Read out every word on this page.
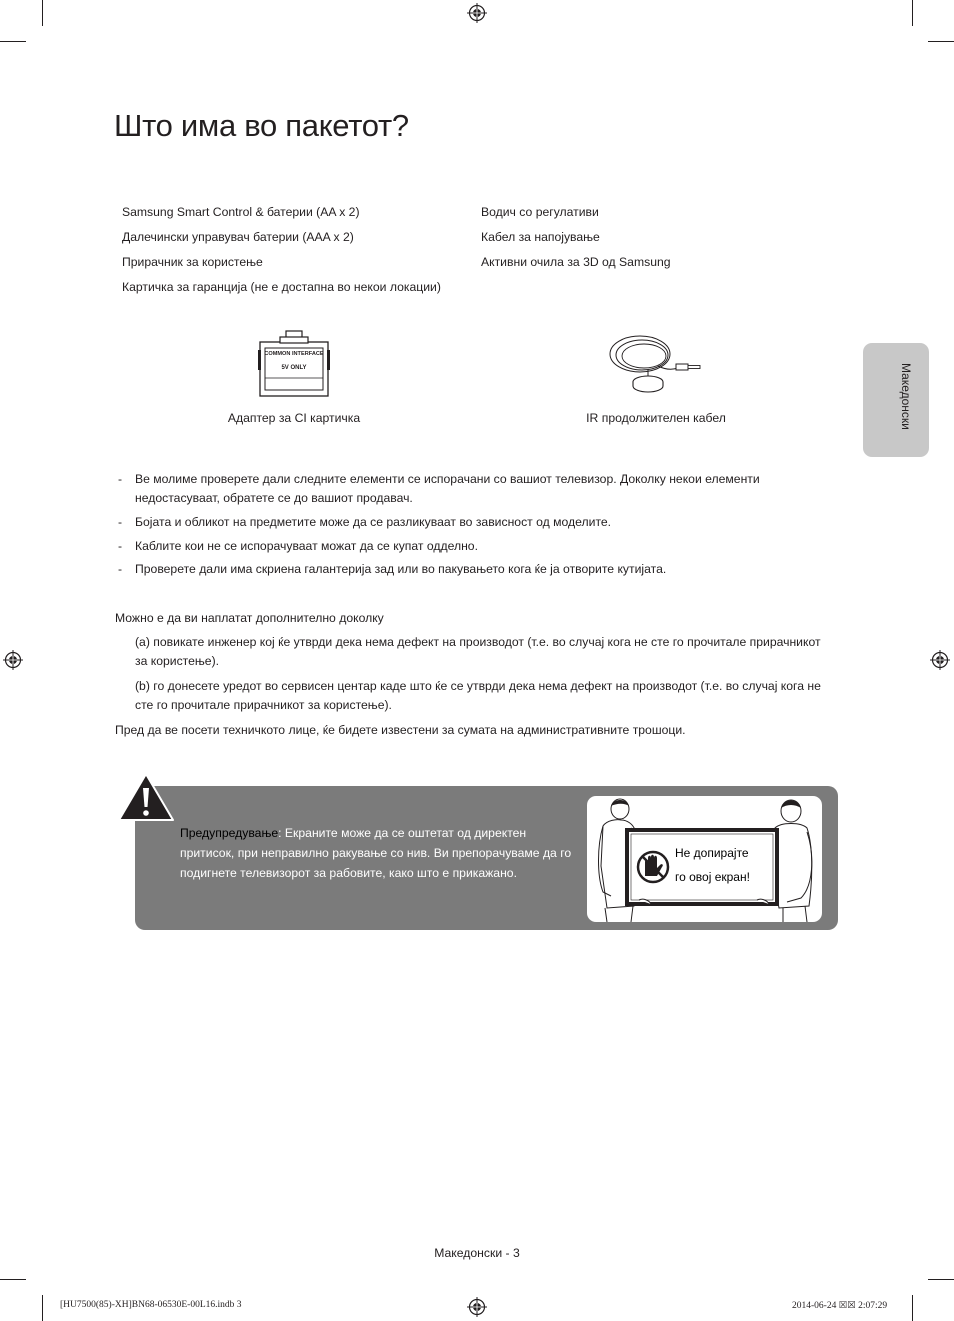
Што има во пакетот?
Samsung Smart Control & батерии (AA x 2)
Далечински управувач батерии (AAA x 2)
Прирачник за користење
Картичка за гаранција (не е достапна во некои локации)
Водич со регулативи
Кабел за напојување
Активни очила за 3D од Samsung
COMMON INTERFACE
5V ONLY
Адаптер за CI картичка	IR продолжителен кабел	Македонски
- Ве молиме проверете дали следните елементи се испорачани со вашиот телевизор. Доколку некои елементи недостасуваат, обратете се до вашиот продавач.
- Бојата и обликот на предметите може да се разликуваат во зависност од моделите.
- Каблите кои не се испорачуваат можат да се купат одделно.
- Проверете дали има скриена галантерија зад или во пакувањето кога ќе ја отворите кутијата.
Можно е да ви наплатат дополнително доколку
(a) повикате инженер кој ќе утврди дека нема дефект на производот (т.е. во случај кога не сте го прочитале прирачникот за користење).
(b) го донесете уредот во сервисен центар каде што ќе се утврди дека нема дефект на производот (т.е. во случај кога не сте го прочитале прирачникот за користење).
Пред да ве посети техничкото лице, ќе бидете известени за сумата на административните трошоци.
Предупредување: Екраните може да се оштетат од директен притисок, при неправилно ракување со нив. Ви препорачуваме да го подигнете телевизорот за рабовите, како што е прикажано.
Не допирајте
го овој екран!
Македонски - 3
[HU7500(85)-XH]BN68-06530E-00L16.indb 3	2014-06-24 ☒☒ 2:07:29
